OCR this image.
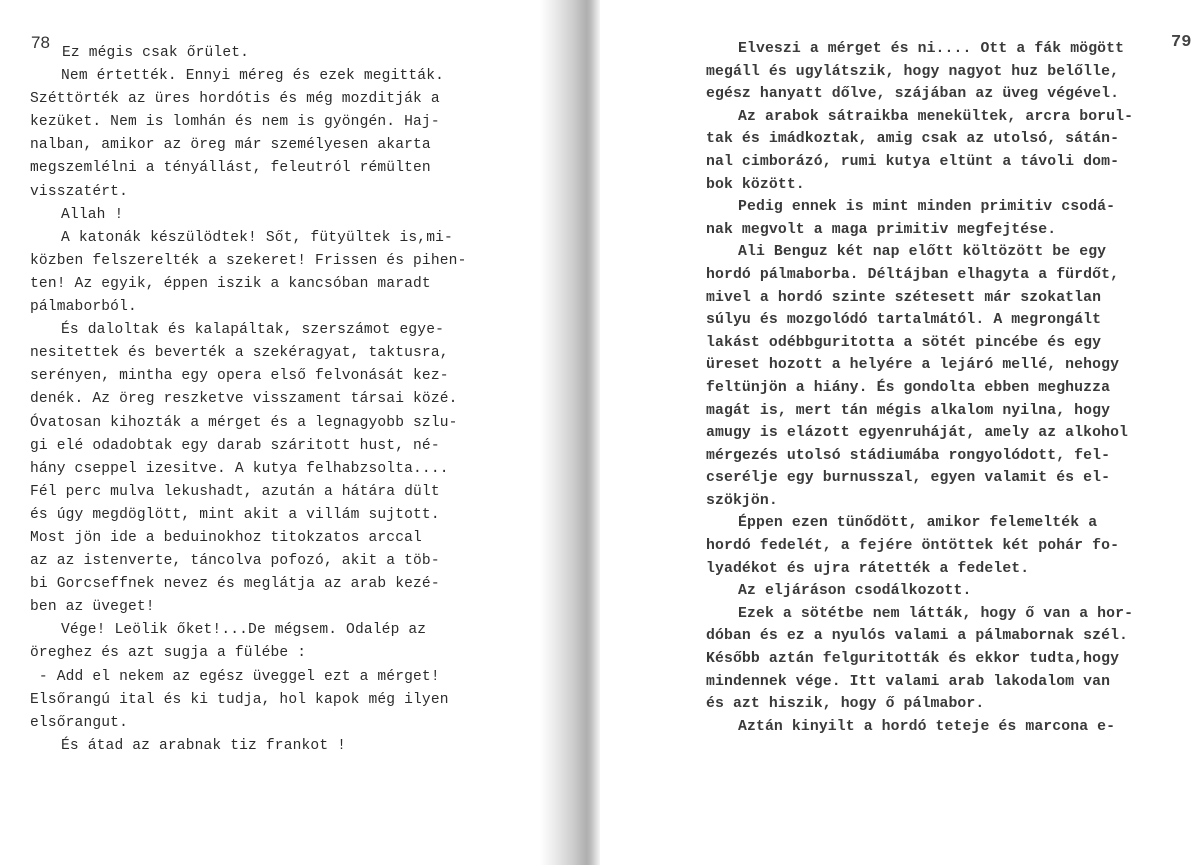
78
Ez mégis csak őrület.
Nem értették. Ennyi méreg és ezek megitták.
Széttörték az üres hordótis és még mozditják a
kezüket. Nem is lomhán és nem is gyöngén. Haj-
nalban, amikor az öreg már személyesen akarta
megszemlélni a tényállást, feleutról rémülten
visszatért.
Allah !
A katonák készülödtek! Sőt, fütyültek is,mi-
közben felszerelték a szekeret! Frissen és pihen-
ten! Az egyik, éppen iszik a kancsóban maradt
pálmaborból.
És daloltak és kalapáltak, szerszámot egye-
nesitettek és beverték a szekéragyat, taktusra,
serényen, mintha egy opera első felvonását kez-
denék. Az öreg reszketve visszament társai közé.
Óvatosan kihozták a mérget és a legnagyobb szlu-
gi elé odadobtak egy darab száritott hust, né-
hány cseppel izesitve. A kutya felhabzsolta....
Fél perc mulva lekushadt, azután a hátára dült
és úgy megdöglött, mint akit a villám sujtott.
Most jön ide a beduinokhoz titokzatos arccal
az az istenverte, táncolva pofozó, akit a töb-
bi Gorcseffnek nevez és meglátja az arab kezé-
ben az üveget!
Vége! Leölik őket!...De mégsem. Odalép az
öreghez és azt sugja a fülébe :
- Add el nekem az egész üveggel ezt a mérget!
Elsőrangú ital és ki tudja, hol kapok még ilyen
elsőrangut.
És átad az arabnak tiz frankot !
79
Elveszi a mérget és ni.... Ott a fák mögött
megáll és ugylátszik, hogy nagyot huz belőlle,
egész hanyatt dőlve, szájában az üveg végével.
Az arabok sátraikba menekültek, arcra borul-
tak és imádkoztak, amig csak az utolsó, sátán-
nal cimborázó, rumi kutya eltünt a távoli dom-
bok között.
Pedig ennek is mint minden primitiv csodá-
nak megvolt a maga primitiv megfejtése.
Ali Benguz két nap előtt költözött be egy
hordó pálmaborba. Déltájban elhagyta a fürdőt,
mivel a hordó szinte szétesett már szokatlan
súlyu és mozgolódó tartalmától. A megrongált
lakást odébbguritotta a sötét pincébe és egy
üreset hozott a helyére a lejáró mellé, nehogy
feltünjön a hiány. És gondolta ebben meghuzza
magát is, mert tán mégis alkalom nyilna, hogy
amugy is elázott egyenruháját, amely az alkohol
mérgezés utolsó stádiumába rongyolódott, fel-
cserélje egy burnusszal, egyen valamit és el-
szökjön.
Éppen ezen tünődött, amikor felemelték a
hordó fedelét, a fejére öntöttek két pohár fo-
lyadékot és ujra rátették a fedelet.
Az eljáráson csodálkozott.
Ezek a sötétbe nem látták, hogy ő van a hor-
dóban és ez a nyulós valami a pálmabornak szél.
Később aztán felguritották és ekkor tudta,hogy
mindennek vége. Itt valami arab lakodalom van
és azt hiszik, hogy ő pálmabor.
Aztán kinyilt a hordó teteje és marcona e-
